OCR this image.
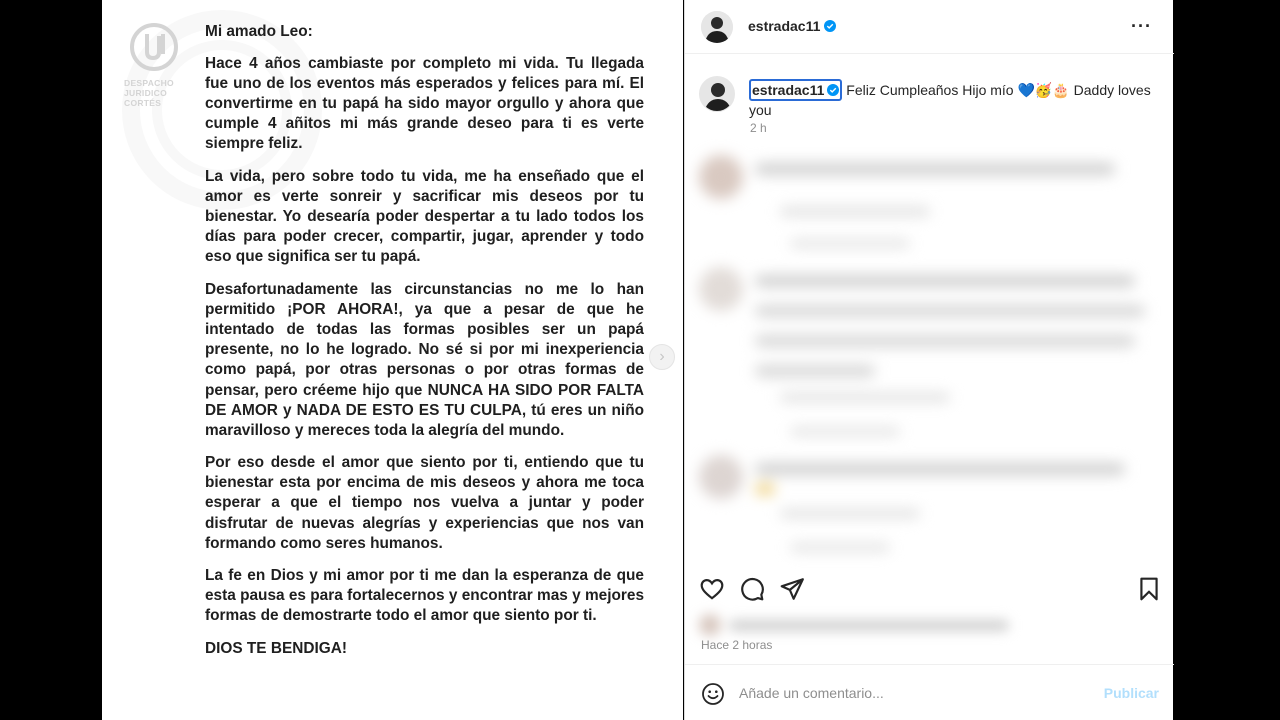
DESPACHO
JURIDICO
CORTÉS

Mi amado Leo:

Hace 4 años cambiaste por completo mi vida. Tu llegada fue uno de los eventos más esperados y felices para mí. El convertirme en tu papá ha sido mayor orgullo y ahora que cumple 4 añitos mi más grande deseo para ti es verte siempre feliz.

La vida, pero sobre todo tu vida, me ha enseñado que el amor es verte sonreir y sacrificar mis deseos por tu bienestar. Yo desearía poder despertar a tu lado todos los días para poder crecer, compartir, jugar, aprender y todo eso que significa ser tu papá.

Desafortunadamente las circunstancias no me lo han permitido ¡POR AHORA!, ya que a pesar de que he intentado de todas las formas posibles ser un papá presente, no lo he logrado. No sé si por mi inexperiencia como papá, por otras personas o por otras formas de pensar, pero créeme hijo que NUNCA HA SIDO POR FALTA DE AMOR y NADA DE ESTO ES TU CULPA, tú eres un niño maravilloso y mereces toda la alegría del mundo.

Por eso desde el amor que siento por ti, entiendo que tu bienestar esta por encima de mis deseos y ahora me toca esperar a que el tiempo nos vuelva a juntar y poder disfrutar de nuevas alegrías y experiencias que nos van formando como seres humanos.

La fe en Dios y mi amor por ti me dan la esperanza de que esta pausa es para fortalecernos y encontrar mas y mejores formas de demostrarte todo el amor que siento por ti.

DIOS TE BENDIGA!

›
estradac11	···
estradac11 Feliz Cumpleaños Hijo mío 💙🥳🎂 Daddy loves you
2 h
Hace 2 horas
Añade un comentario...
Publicar
